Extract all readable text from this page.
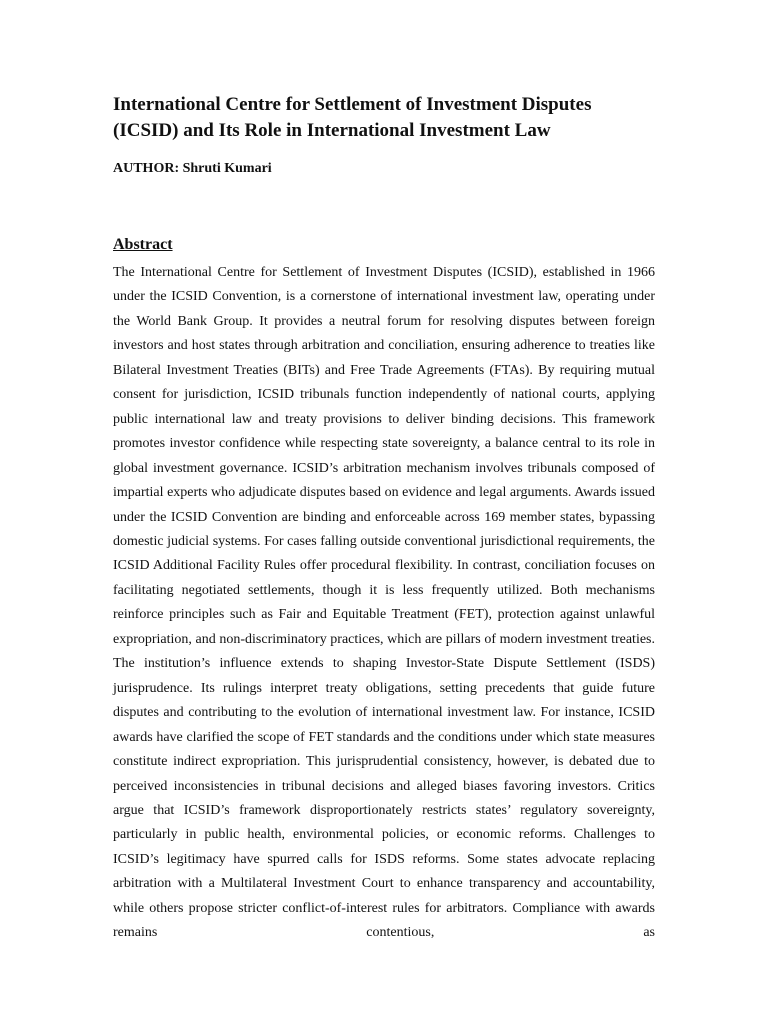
International Centre for Settlement of Investment Disputes
(ICSID) and Its Role in International Investment Law

AUTHOR: Shruti Kumari

Abstract

The International Centre for Settlement of Investment Disputes (ICSID), established in 1966 under the ICSID Convention, is a cornerstone of international investment law, operating under the World Bank Group. It provides a neutral forum for resolving disputes between foreign investors and host states through arbitration and conciliation, ensuring adherence to treaties like Bilateral Investment Treaties (BITs) and Free Trade Agreements (FTAs). By requiring mutual consent for jurisdiction, ICSID tribunals function independently of national courts, applying public international law and treaty provisions to deliver binding decisions. This framework promotes investor confidence while respecting state sovereignty, a balance central to its role in global investment governance. ICSID’s arbitration mechanism involves tribunals composed of impartial experts who adjudicate disputes based on evidence and legal arguments. Awards issued under the ICSID Convention are binding and enforceable across 169 member states, bypassing domestic judicial systems. For cases falling outside conventional jurisdictional requirements, the ICSID Additional Facility Rules offer procedural flexibility. In contrast, conciliation focuses on facilitating negotiated settlements, though it is less frequently utilized. Both mechanisms reinforce principles such as Fair and Equitable Treatment (FET), protection against unlawful expropriation, and non-discriminatory practices, which are pillars of modern investment treaties. The institution’s influence extends to shaping Investor-State Dispute Settlement (ISDS) jurisprudence. Its rulings interpret treaty obligations, setting precedents that guide future disputes and contributing to the evolution of international investment law. For instance, ICSID awards have clarified the scope of FET standards and the conditions under which state measures constitute indirect expropriation. This jurisprudential consistency, however, is debated due to perceived inconsistencies in tribunal decisions and alleged biases favoring investors. Critics argue that ICSID’s framework disproportionately restricts states’ regulatory sovereignty, particularly in public health, environmental policies, or economic reforms. Challenges to ICSID’s legitimacy have spurred calls for ISDS reforms. Some states advocate replacing arbitration with a Multilateral Investment Court to enhance transparency and accountability, while others propose stricter conflict-of-interest rules for arbitrators. Compliance with awards remains contentious, as
